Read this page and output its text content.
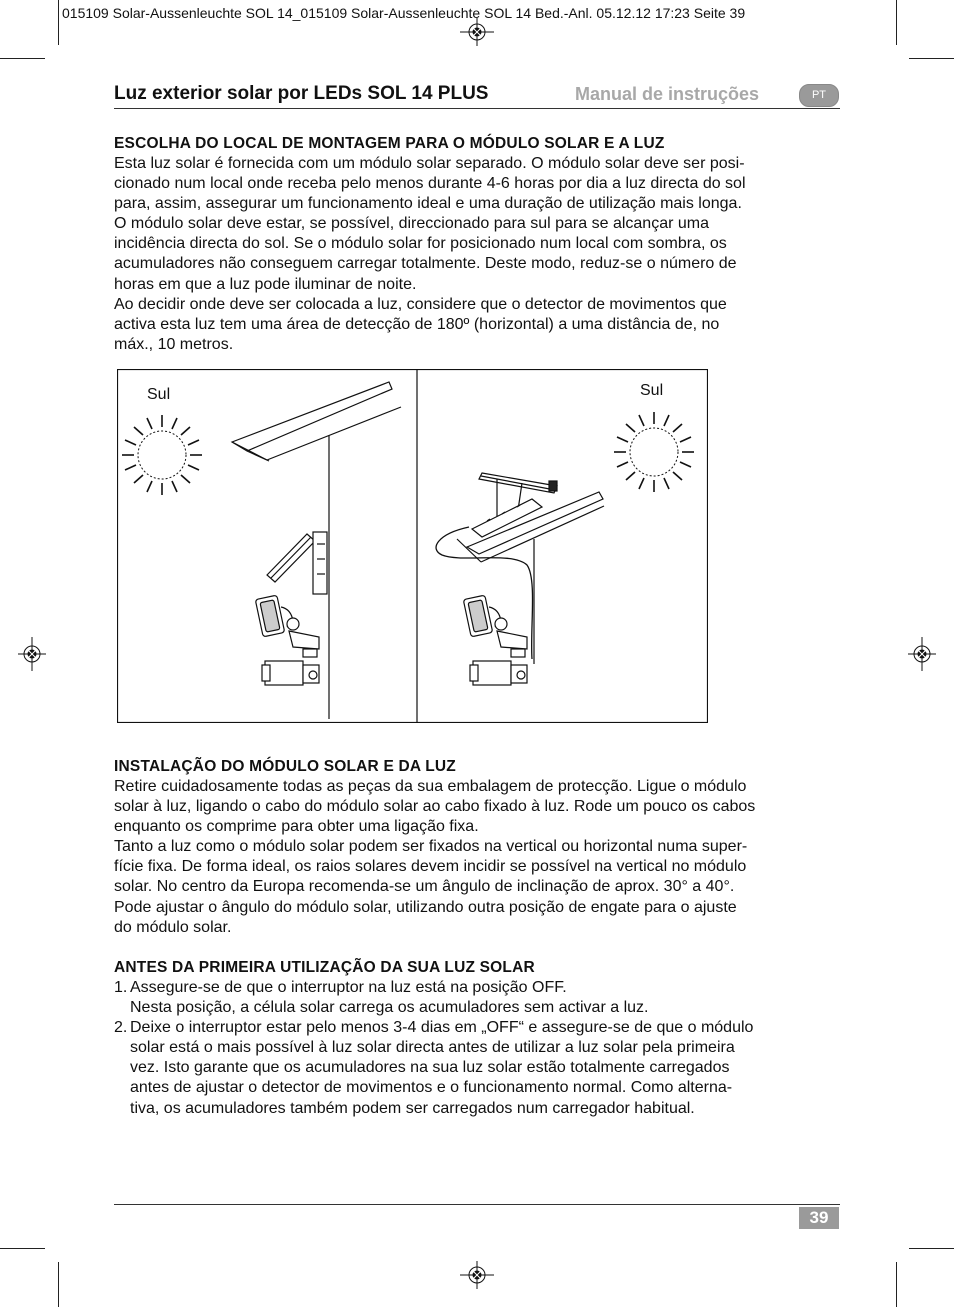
015109 Solar-Aussenleuchte SOL 14_015109 Solar-Aussenleuchte SOL 14 Bed.-Anl. 05.12.12 17:23 Seite 39
Luz exterior solar por LEDs SOL 14 PLUS	Manual de instruções	PT
ESCOLHA DO LOCAL DE MONTAGEM PARA O MÓDULO SOLAR E A LUZ

Esta luz solar é fornecida com um módulo solar separado. O módulo solar deve ser posi-

cionado num local onde receba pelo menos durante 4-6 horas por dia a luz directa do sol

para, assim, assegurar um funcionamento ideal e uma duração de utilização mais longa.

O módulo solar deve estar, se possível, direccionado para sul para se alcançar uma

incidência directa do sol. Se o módulo solar for posicionado num local com sombra, os

acumuladores não conseguem carregar totalmente. Deste modo, reduz-se o número de

horas em que a luz pode iluminar de noite.

Ao decidir onde deve ser colocada a luz, considere que o detector de movimentos que

activa esta luz tem uma área de detecção de 180º (horizontal) a uma distância de, no

máx., 10 metros.

Sul	Sul
INSTALAÇÃO DO MÓDULO SOLAR E DA LUZ

Retire cuidadosamente todas as peças da sua embalagem de protecção. Ligue o módulo

solar à luz, ligando o cabo do módulo solar ao cabo fixado à luz. Rode um pouco os cabos

enquanto os comprime para obter uma ligação fixa.

Tanto a luz como o módulo solar podem ser fixados na vertical ou horizontal numa super-

fície fixa. De forma ideal, os raios solares devem incidir se possível na vertical no módulo

solar. No centro da Europa recomenda-se um ângulo de inclinação de aprox. 30° a 40°.

Pode ajustar o ângulo do módulo solar, utilizando outra posição de engate para o ajuste

do módulo solar.

ANTES DA PRIMEIRA UTILIZAÇÃO DA SUA LUZ SOLAR
1. Assegure-se de que o interruptor na luz está na posição OFF.
Nesta posição, a célula solar carrega os acumuladores sem activar a luz.
2. Deixe o interruptor estar pelo menos 3-4 dias em „OFF“ e assegure-se de que o módulo
solar está o mais possível à luz solar directa antes de utilizar a luz solar pela primeira
vez. Isto garante que os acumuladores na sua luz solar estão totalmente carregados
antes de ajustar o detector de movimentos e o funcionamento normal. Como alterna-
tiva, os acumuladores também podem ser carregados num carregador habitual.
39
